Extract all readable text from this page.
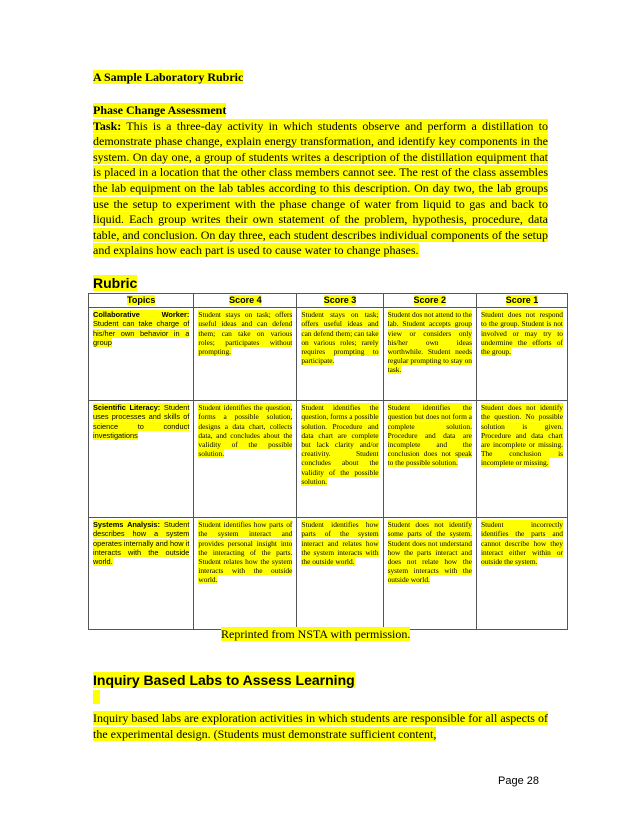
A Sample Laboratory Rubric
Phase Change Assessment
Task: This is a three-day activity in which students observe and perform a distillation to demonstrate phase change, explain energy transformation, and identify key components in the system. On day one, a group of students writes a description of the distillation equipment that is placed in a location that the other class members cannot see. The rest of the class assembles the lab equipment on the lab tables according to this description. On day two, the lab groups use the setup to experiment with the phase change of water from liquid to gas and back to liquid. Each group writes their own statement of the problem, hypothesis, procedure, data table, and conclusion. On day three, each student describes individual components of the setup and explains how each part is used to cause water to change phases.
Rubric
Topics	Score 4	Score 3	Score 2	Score 1
Collaborative Worker: Student can take charge of his/her own behavior in a group	Student stays on task; offers useful ideas and can defend them; can take on various roles; participates without prompting.	Student stays on task; offers useful ideas and can defend them; can take on various roles; rarely requires prompting to participate.	Student dos not attend to the lab. Student accepts group view or considers only his/her own ideas worthwhile. Student needs regular prompting to stay on task.	Student does not respond to the group. Student is not involved or may try to undermine the efforts of the group.
Scientific Literacy: Student uses processes and skills of science to conduct investigations	Student identifies the question, forms a possible solution, designs a data chart, collects data, and concludes about the validity of the possible solution.	Student identifies the question, forms a possible solution. Procedure and data chart are complete but lack clarity and/or creativity. Student concludes about the validity of the possible solution.	Student identifies the question but does not form a complete solution. Procedure and data are incomplete and the conclusion does not speak to the possible solution.	Student does not identify the question. No possible solution is given. Procedure and data chart are incomplete or missing. The conclusion is incomplete or missing.
Systems Analysis: Student describes how a system operates internally and how it interacts with the outside world.	Student identifies how parts of the system interact and provides personal insight into the interacting of the parts. Student relates how the system interacts with the outside world.	Student identifies how parts of the system interact and relates how the system interacts with the outside world.	Student does not identify some parts of the system. Student does not understand how the parts interact and does not relate how the system interacts with the outside world.	Student incorrectly identifies the parts and cannot describe how they interact either within or outside the system.
Reprinted from NSTA with permission.
Inquiry Based Labs to Assess Learning
Inquiry based labs are exploration activities in which students are responsible for all aspects of the experimental design. (Students must demonstrate sufficient content,
Page 28
